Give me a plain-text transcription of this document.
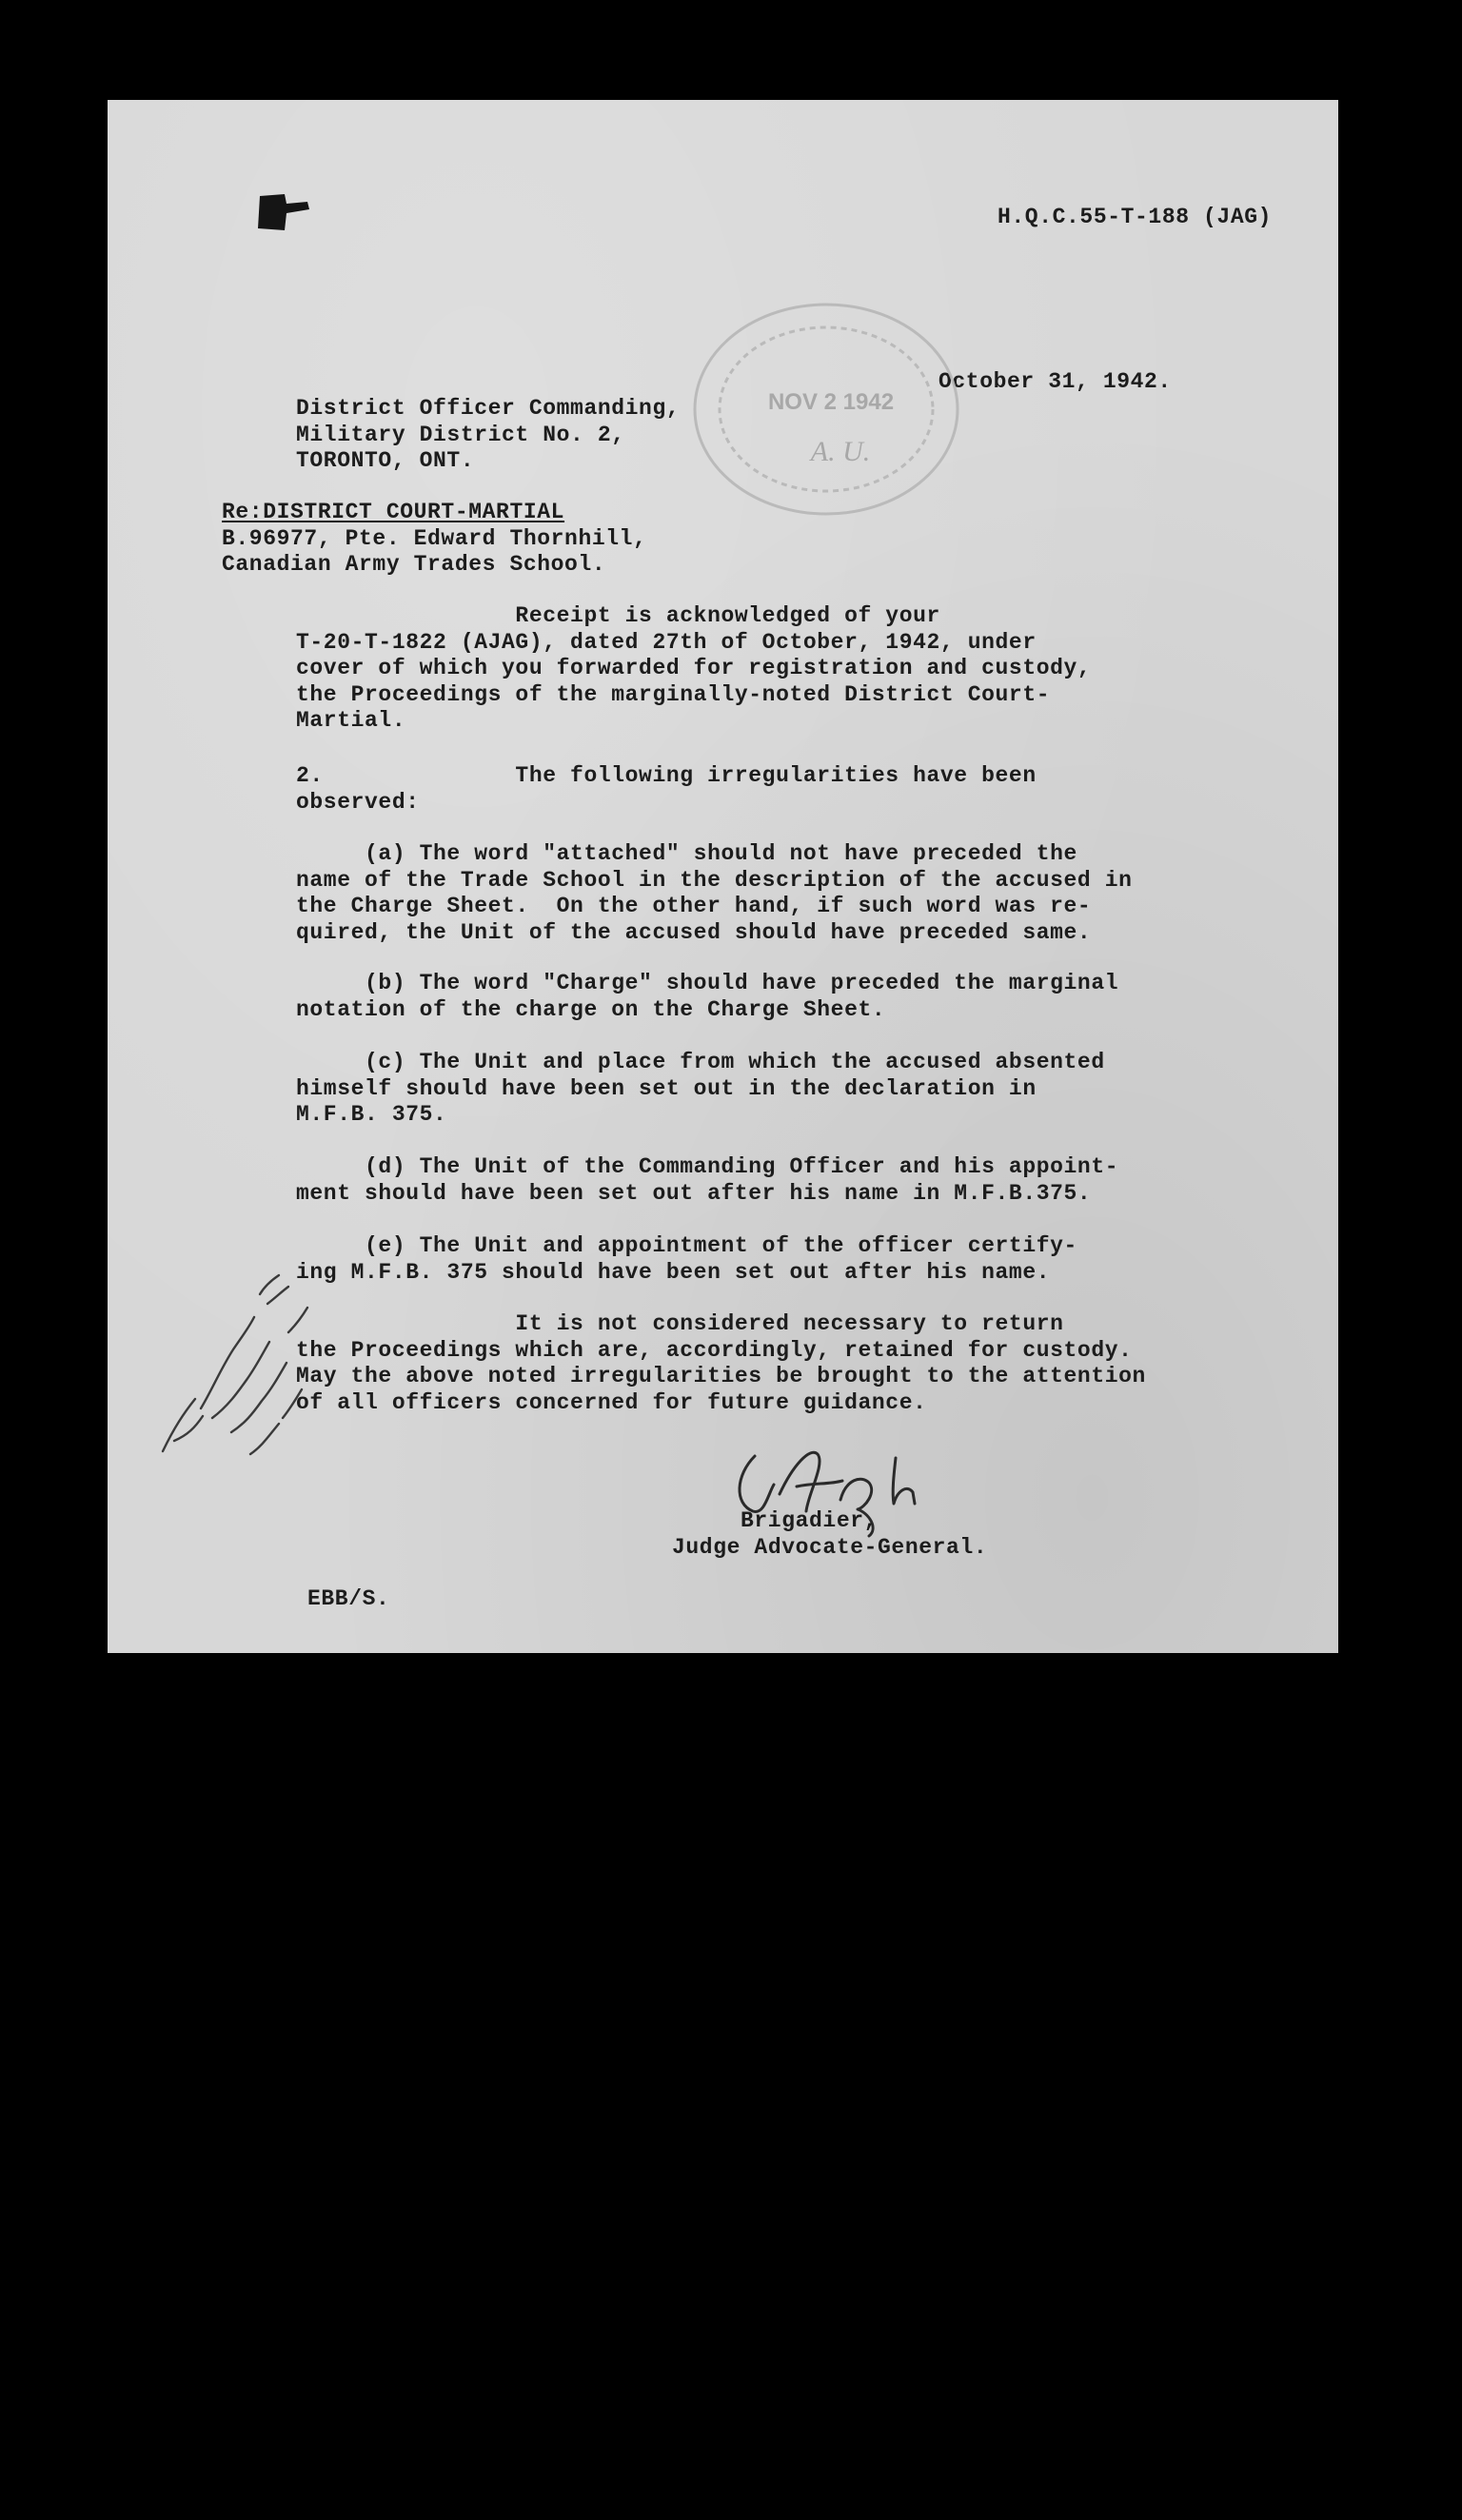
H.Q.C.55-T-188 (JAG)

October 31, 1942.

District Officer Commanding,

Military District No. 2,

TORONTO, ONT.

NOV 2 1942
A. U.

Re:DISTRICT COURT-MARTIAL

B.96977, Pte. Edward Thornhill,

Canadian Army Trades School.

Receipt is acknowledged of your

T-20-T-1822 (AJAG), dated 27th of October, 1942, under

cover of which you forwarded for registration and custody,

the Proceedings of the marginally-noted District Court-

Martial.

2.              The following irregularities have been

observed:

(a) The word "attached" should not have preceded the

name of the Trade School in the description of the accused in

the Charge Sheet.  On the other hand, if such word was re-

quired, the Unit of the accused should have preceded same.

(b) The word "Charge" should have preceded the marginal

notation of the charge on the Charge Sheet.

(c) The Unit and place from which the accused absented

himself should have been set out in the declaration in

M.F.B. 375.

(d) The Unit of the Commanding Officer and his appoint-

ment should have been set out after his name in M.F.B.375.

(e) The Unit and appointment of the officer certify-

ing M.F.B. 375 should have been set out after his name.

It is not considered necessary to return

the Proceedings which are, accordingly, retained for custody.

May the above noted irregularities be brought to the attention

of all officers concerned for future guidance.

Brigadier,

Judge Advocate-General.

EBB/S.
